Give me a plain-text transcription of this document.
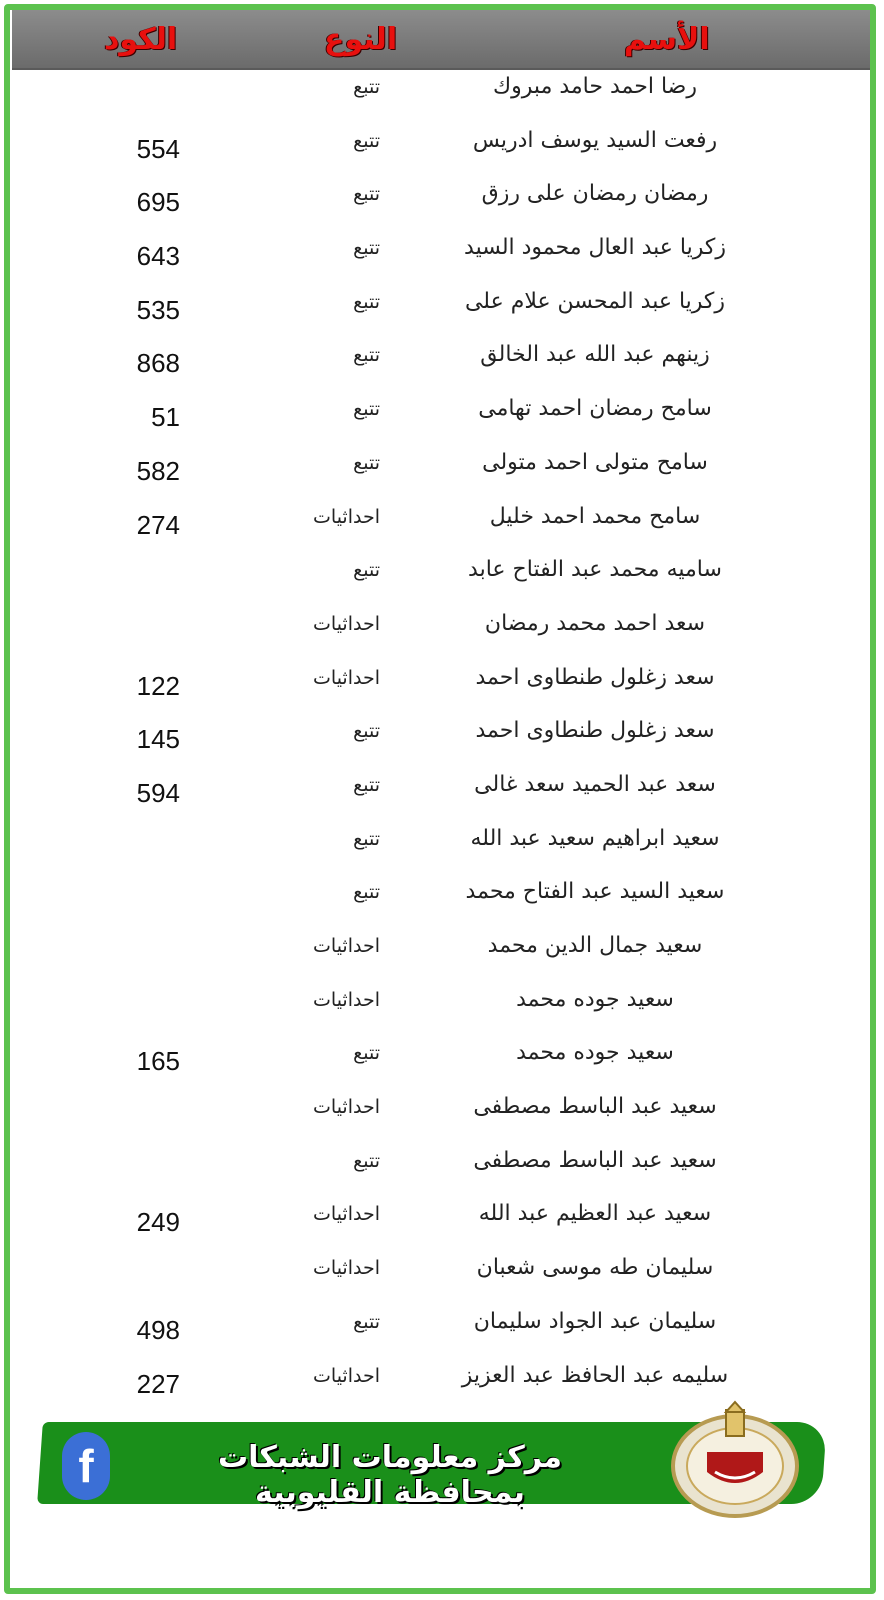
الأسم
النوع
الكود
رضا احمد حامد مبروك
تتبع
رفعت السيد يوسف ادريس
تتبع
554
رمضان رمضان على رزق
تتبع
695
زكريا عبد العال محمود السيد
تتبع
643
زكريا عبد المحسن علام على
تتبع
535
زينهم عبد الله عبد الخالق
تتبع
868
سامح رمضان احمد تهامى
تتبع
51
سامح متولى احمد متولى
تتبع
582
سامح محمد احمد خليل
احداثيات
274
ساميه محمد عبد الفتاح عابد
تتبع
سعد احمد محمد رمضان
احداثيات
سعد زغلول طنطاوى احمد
احداثيات
122
سعد زغلول طنطاوى احمد
تتبع
145
سعد عبد الحميد سعد غالى
تتبع
594
سعيد ابراهيم سعيد عبد الله
تتبع
سعيد السيد عبد الفتاح محمد
تتبع
سعيد جمال الدين محمد
احداثيات
سعيد جوده محمد
احداثيات
سعيد جوده محمد
تتبع
165
سعيد عبد الباسط مصطفى
احداثيات
سعيد عبد الباسط مصطفى
تتبع
سعيد عبد العظيم عبد الله
احداثيات
249
سليمان طه موسى شعبان
احداثيات
سليمان عبد الجواد سليمان
تتبع
498
سليمه عبد الحافظ عبد العزيز
احداثيات
227
مركز معلومات الشبكات بمحافظة القليوبية
f
